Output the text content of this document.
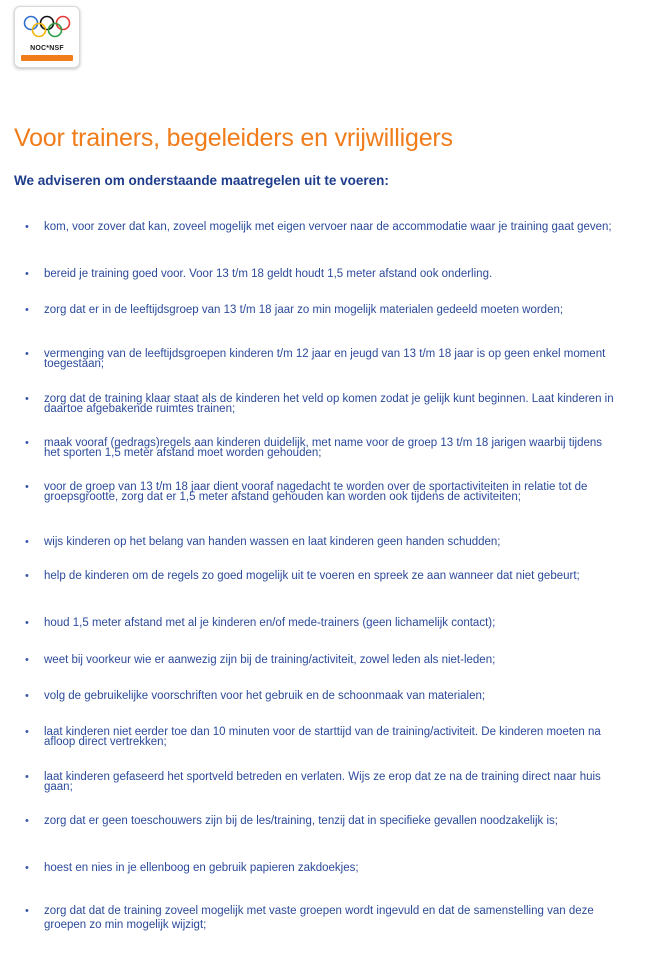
NOC*NSF
Voor trainers, begeleiders en vrijwilligers
We adviseren om onderstaande maatregelen uit te voeren:
• kom, voor zover dat kan, zoveel mogelijk met eigen vervoer naar de accommodatie waar je training gaat geven;
• bereid je training goed voor. Voor 13 t/m 18 geldt houdt 1,5 meter afstand ook onderling.
• zorg dat er in de leeftijdsgroep van 13 t/m 18 jaar zo min mogelijk materialen gedeeld moeten worden;
• vermenging van de leeftijdsgroepen kinderen t/m 12 jaar en jeugd van 13 t/m 18 jaar is op geen enkel moment toegestaan;
• zorg dat de training klaar staat als de kinderen het veld op komen zodat je gelijk kunt beginnen. Laat kinderen in daartoe afgebakende ruimtes trainen;
• maak vooraf (gedrags)regels aan kinderen duidelijk, met name voor de groep 13 t/m 18 jarigen waarbij tijdens het sporten 1,5 meter afstand moet worden gehouden;
• voor de groep van 13 t/m 18 jaar dient vooraf nagedacht te worden over de sportactiviteiten in relatie tot de groepsgrootte, zorg dat er 1,5 meter afstand gehouden kan worden ook tijdens de activiteiten;
• wijs kinderen op het belang van handen wassen en laat kinderen geen handen schudden;
• help de kinderen om de regels zo goed mogelijk uit te voeren en spreek ze aan wanneer dat niet gebeurt;
• houd 1,5 meter afstand met al je kinderen en/of mede-trainers (geen lichamelijk contact);
• weet bij voorkeur wie er aanwezig zijn bij de training/activiteit, zowel leden als niet-leden;
• volg de gebruikelijke voorschriften voor het gebruik en de schoonmaak van materialen;
• laat kinderen niet eerder toe dan 10 minuten voor de starttijd van de training/activiteit. De kinderen moeten na afloop direct vertrekken;
• laat kinderen gefaseerd het sportveld betreden en verlaten. Wijs ze erop dat ze na de training direct naar huis gaan;
• zorg dat er geen toeschouwers zijn bij de les/training, tenzij dat in specifieke gevallen noodzakelijk is;
• hoest en nies in je ellenboog en gebruik papieren zakdoekjes;
• zorg dat dat de training zoveel mogelijk met vaste groepen wordt ingevuld en dat de samenstelling van deze groepen zo min mogelijk wijzigt;
